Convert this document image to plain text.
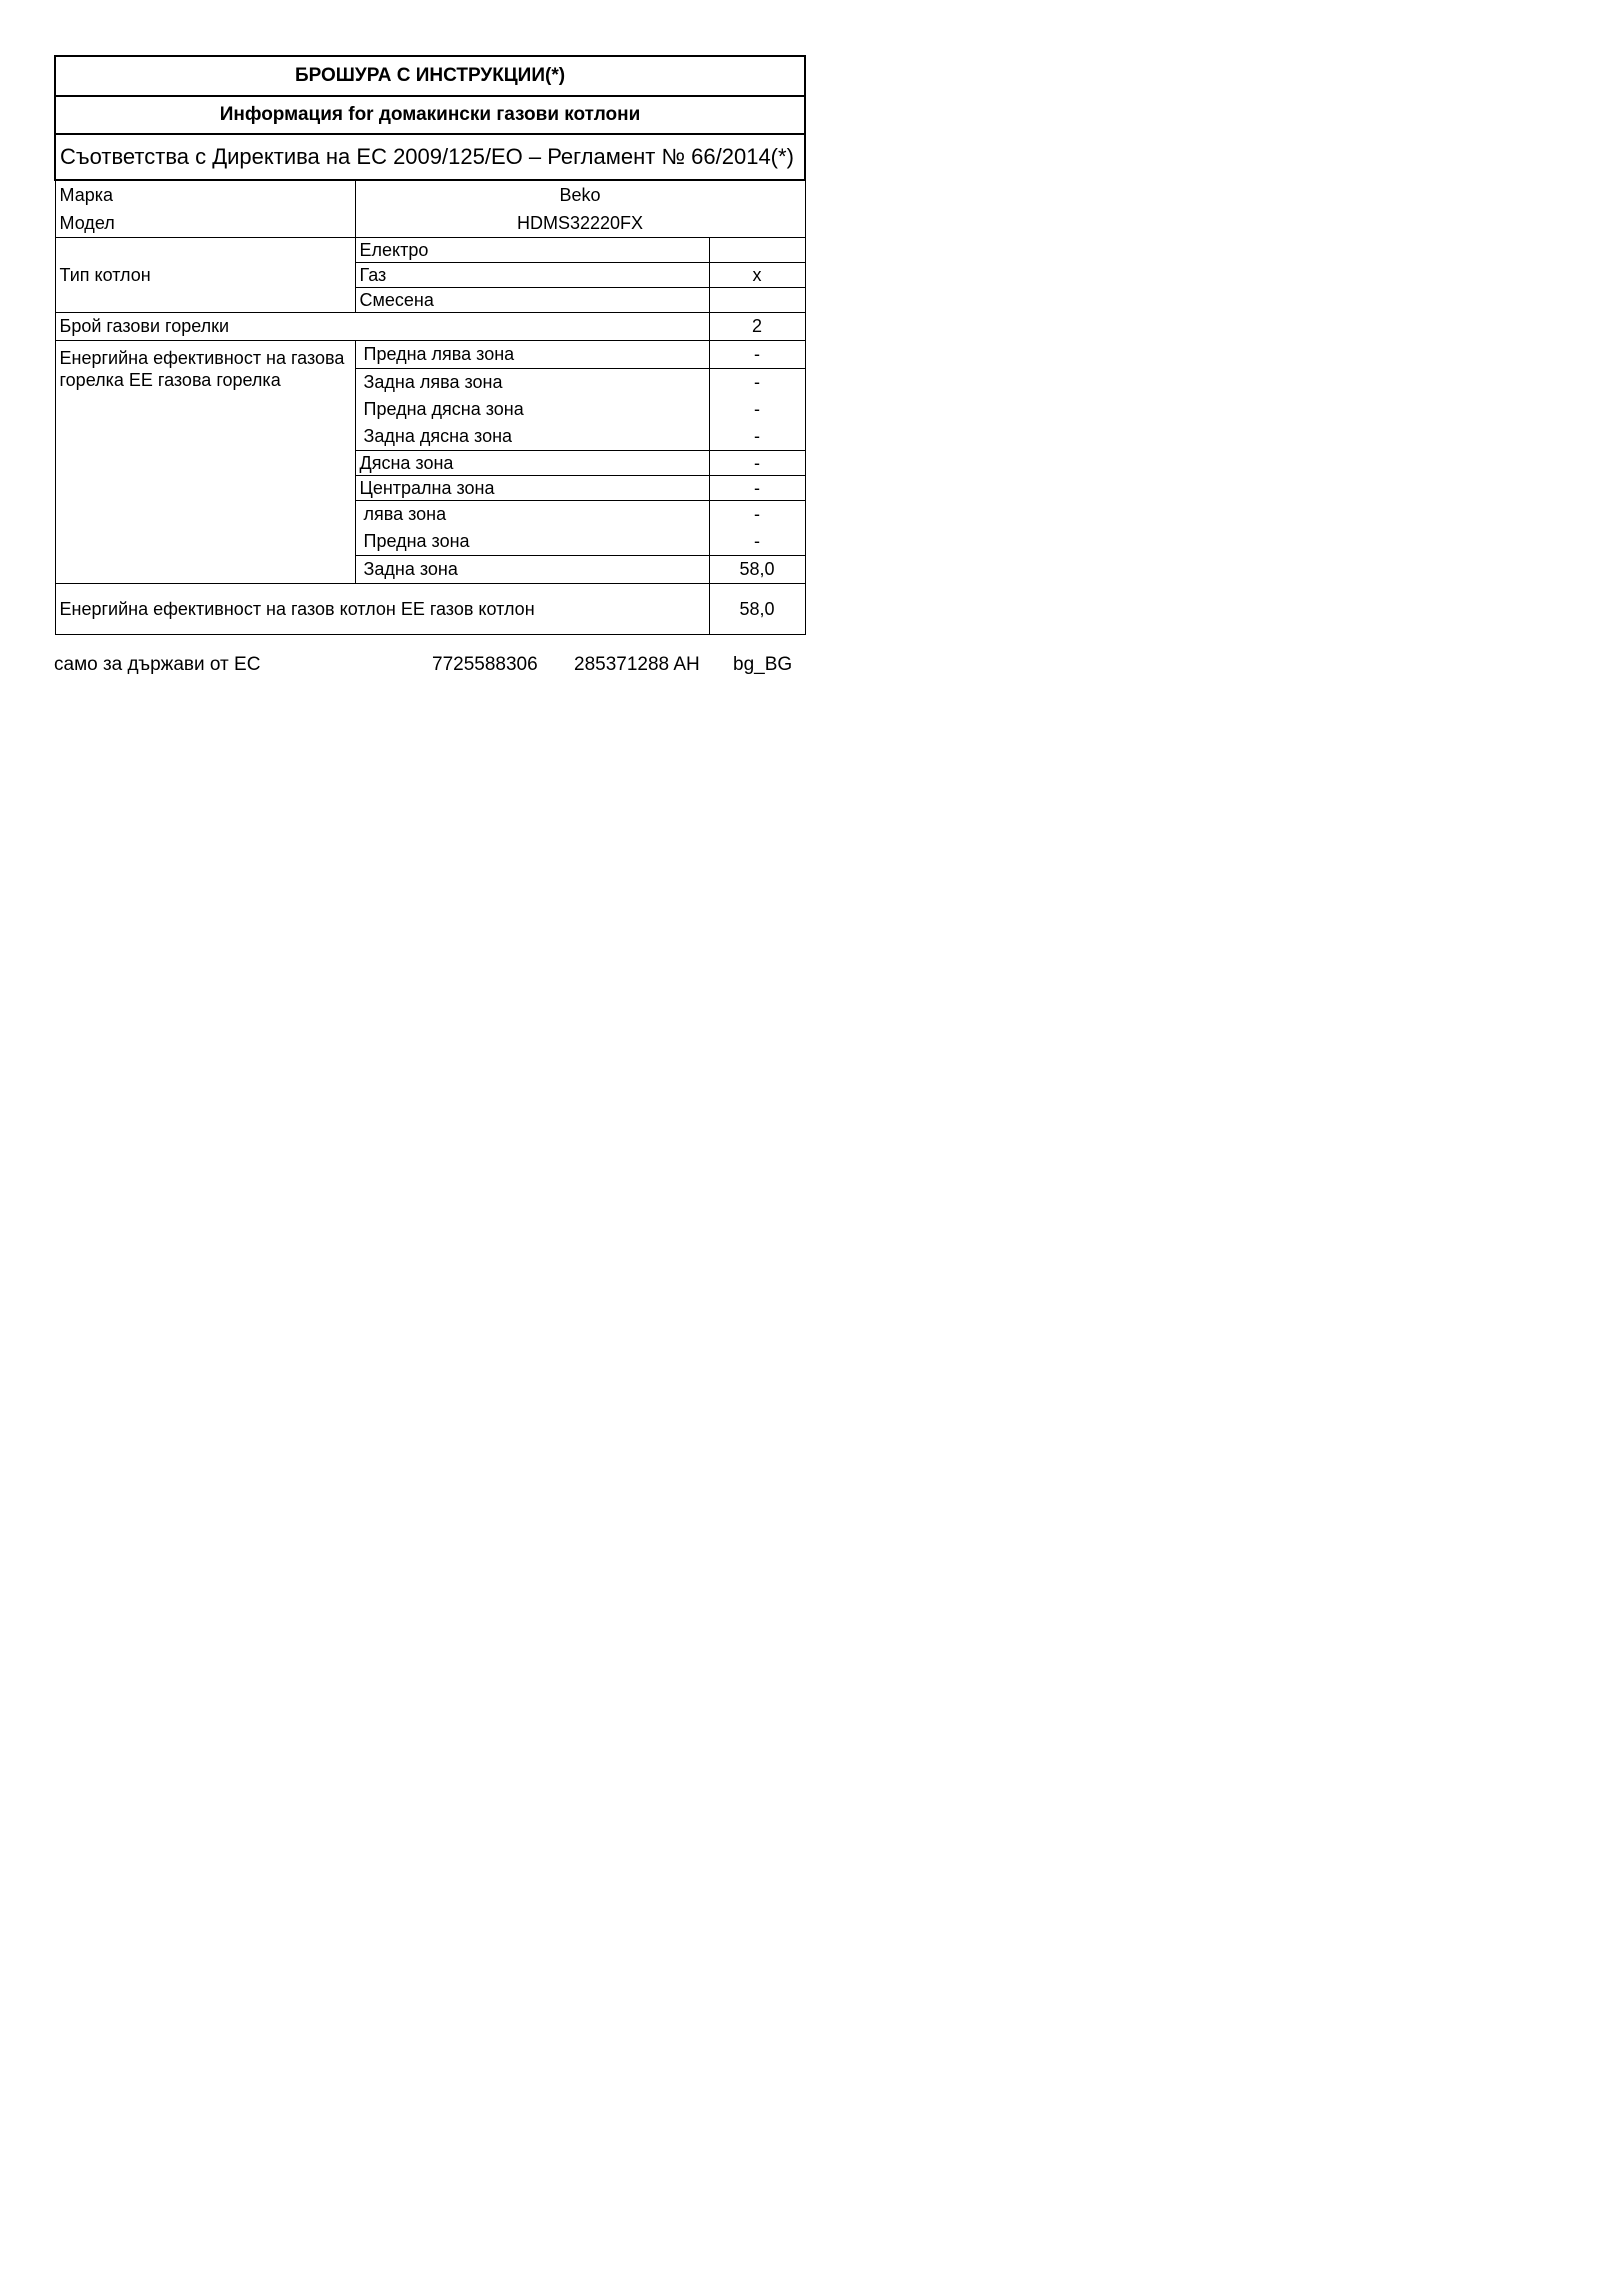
БРОШУРА С ИНСТРУКЦИИ(*)		
Информация for домакински газови котлони		
Съответства с Директива на ЕС 2009/125/ЕО – Регламент № 66/2014(*)		
Марка	Beko	
Модел	HDMS32220FX	
Тип котлон	Електро	
	Газ	x
	Смесена	
Брой газови горелки		2
Енергийна ефективност на газова горелка EE газова горелка	Предна лява зона	-
	Задна лява зона	-
	Предна дясна зона	-
	Задна дясна зона	-
	Дясна зона	-
	Централна зона	-
	лява зона	-
	Предна зона	-
	Задна зона	58,0
Енергийна ефективност на газов котлон EE газов котлон		58,0
само за държави от ЕС	7725588306 285371288 AH bg_BG
